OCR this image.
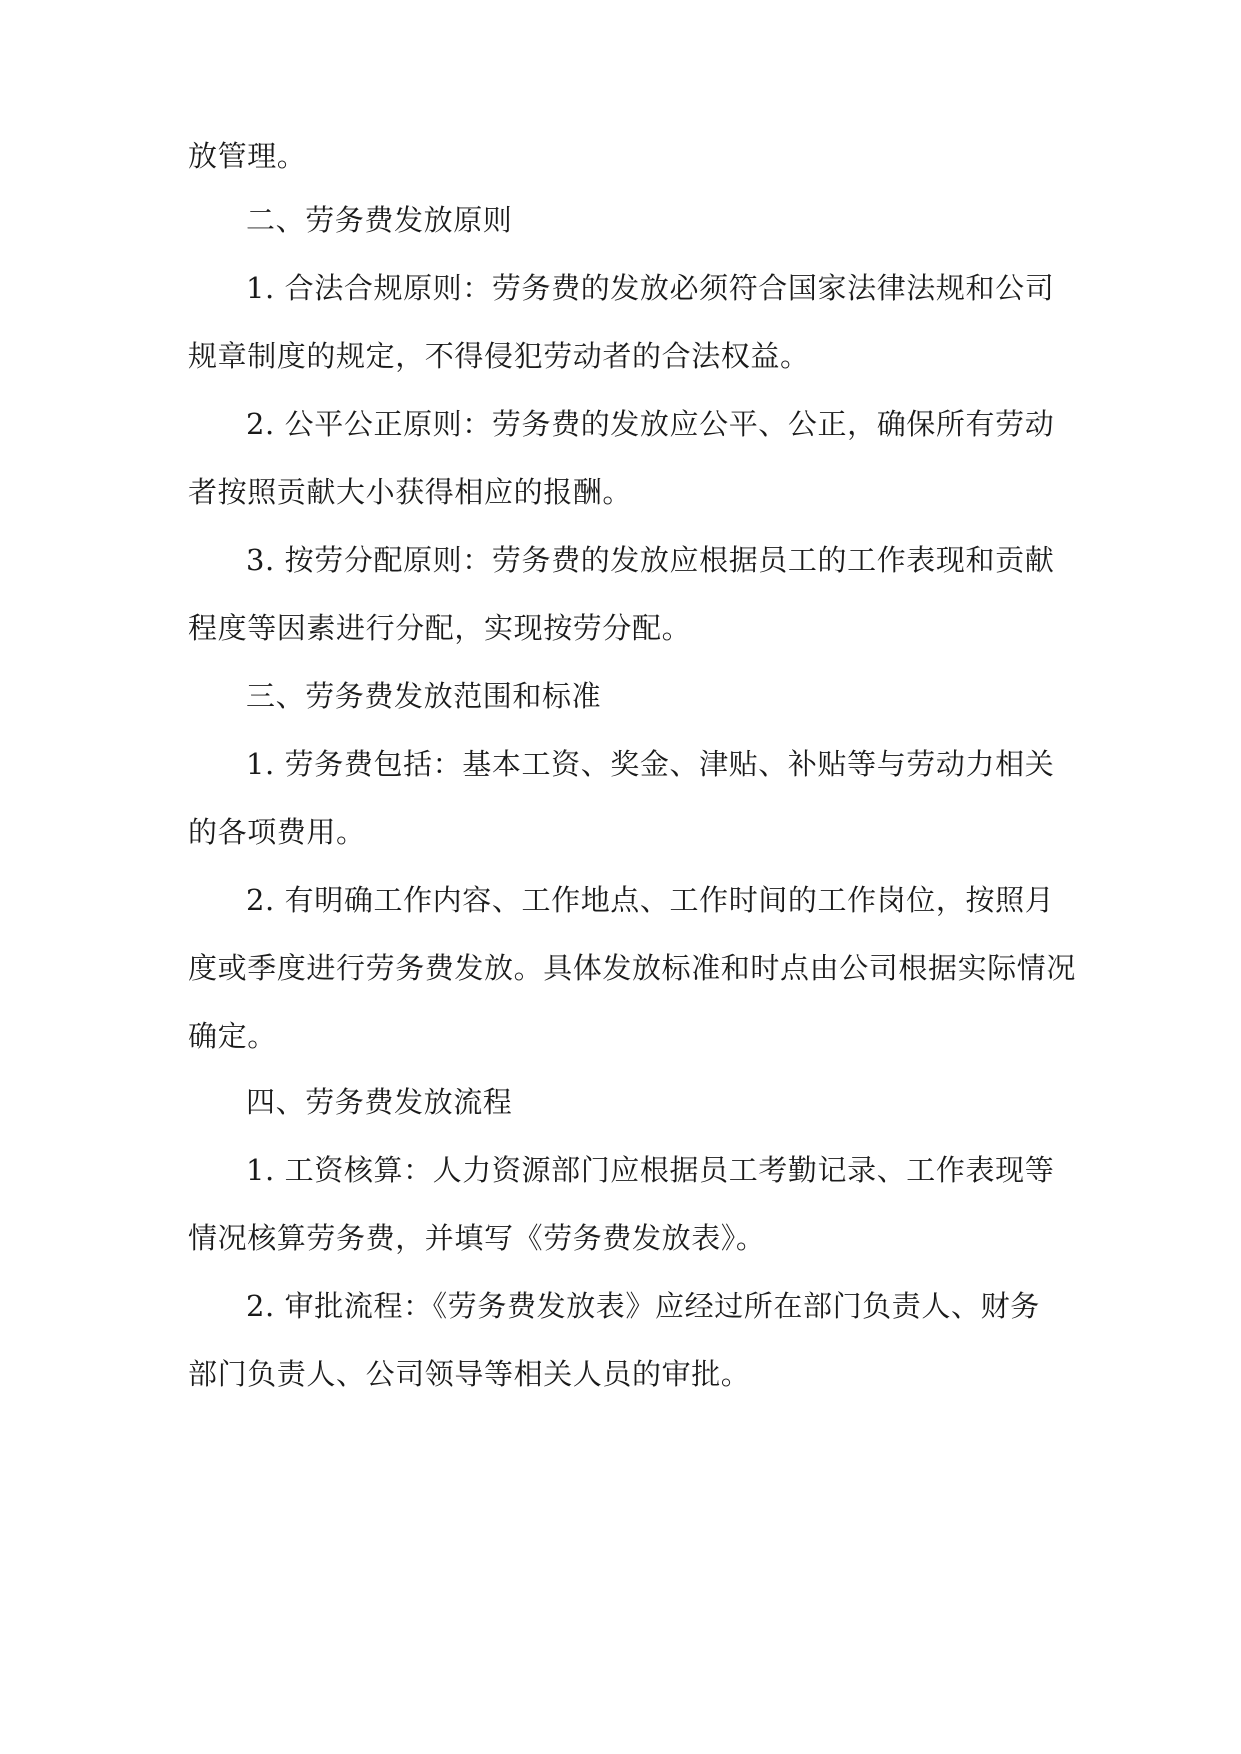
放管理。
二、劳务费发放原则
1. 合法合规原则：劳务费的发放必须符合国家法律法规和公司
规章制度的规定，不得侵犯劳动者的合法权益。
2. 公平公正原则：劳务费的发放应公平、公正，确保所有劳动
者按照贡献大小获得相应的报酬。
3. 按劳分配原则：劳务费的发放应根据员工的工作表现和贡献
程度等因素进行分配，实现按劳分配。
三、劳务费发放范围和标准
1. 劳务费包括：基本工资、奖金、津贴、补贴等与劳动力相关
的各项费用。
2. 有明确工作内容、工作地点、工作时间的工作岗位，按照月
度或季度进行劳务费发放。具体发放标准和时点由公司根据实际情况
确定。
四、劳务费发放流程
1. 工资核算：人力资源部门应根据员工考勤记录、工作表现等
情况核算劳务费，并填写《劳务费发放表》。
2. 审批流程：《劳务费发放表》应经过所在部门负责人、财务
部门负责人、公司领导等相关人员的审批。
